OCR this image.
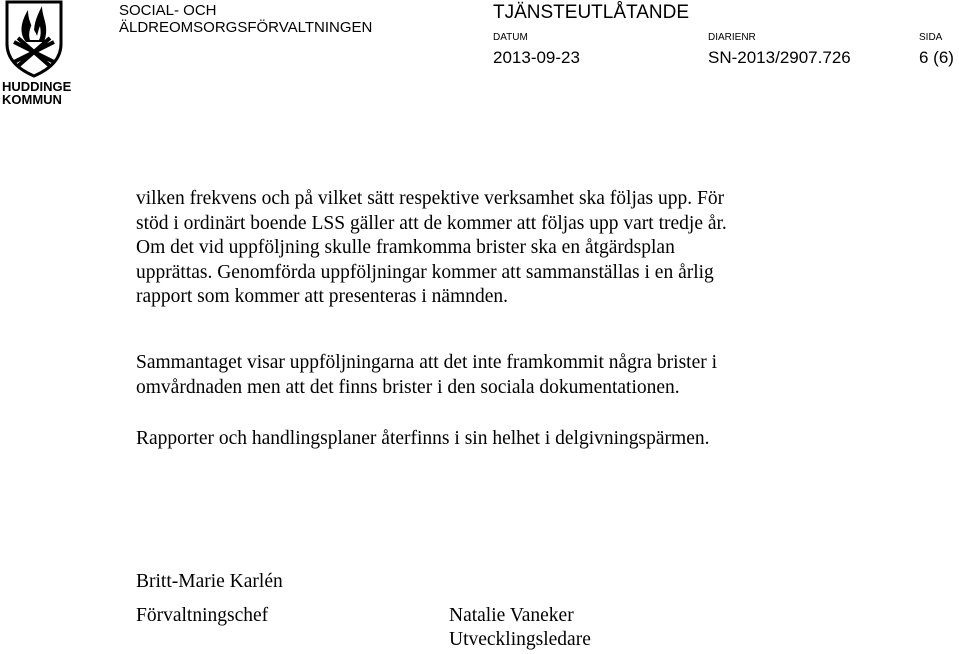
HUDDINGE
KOMMUN
SOCIAL- OCH
ÄLDREOMSORGSFÖRVALTNINGEN
TJÄNSTEUTLÅTANDE
DATUM
2013-09-23
DIARIENR
SN-2013/2907.726
SIDA
6 (6)
vilken frekvens och på vilket sätt respektive verksamhet ska följas upp. För
stöd i ordinärt boende LSS gäller att de kommer att följas upp vart tredje år.
Om det vid uppföljning skulle framkomma brister ska en åtgärdsplan
upprättas. Genomförda uppföljningar kommer att sammanställas i en årlig
rapport som kommer att presenteras i nämnden.
Sammantaget visar uppföljningarna att det inte framkommit några brister i
omvårdnaden men att det finns brister i den sociala dokumentationen.
Rapporter och handlingsplaner återfinns i sin helhet i delgivningspärmen.
Britt-Marie Karlén
Förvaltningschef	Natalie Vaneker
Utvecklingsledare
